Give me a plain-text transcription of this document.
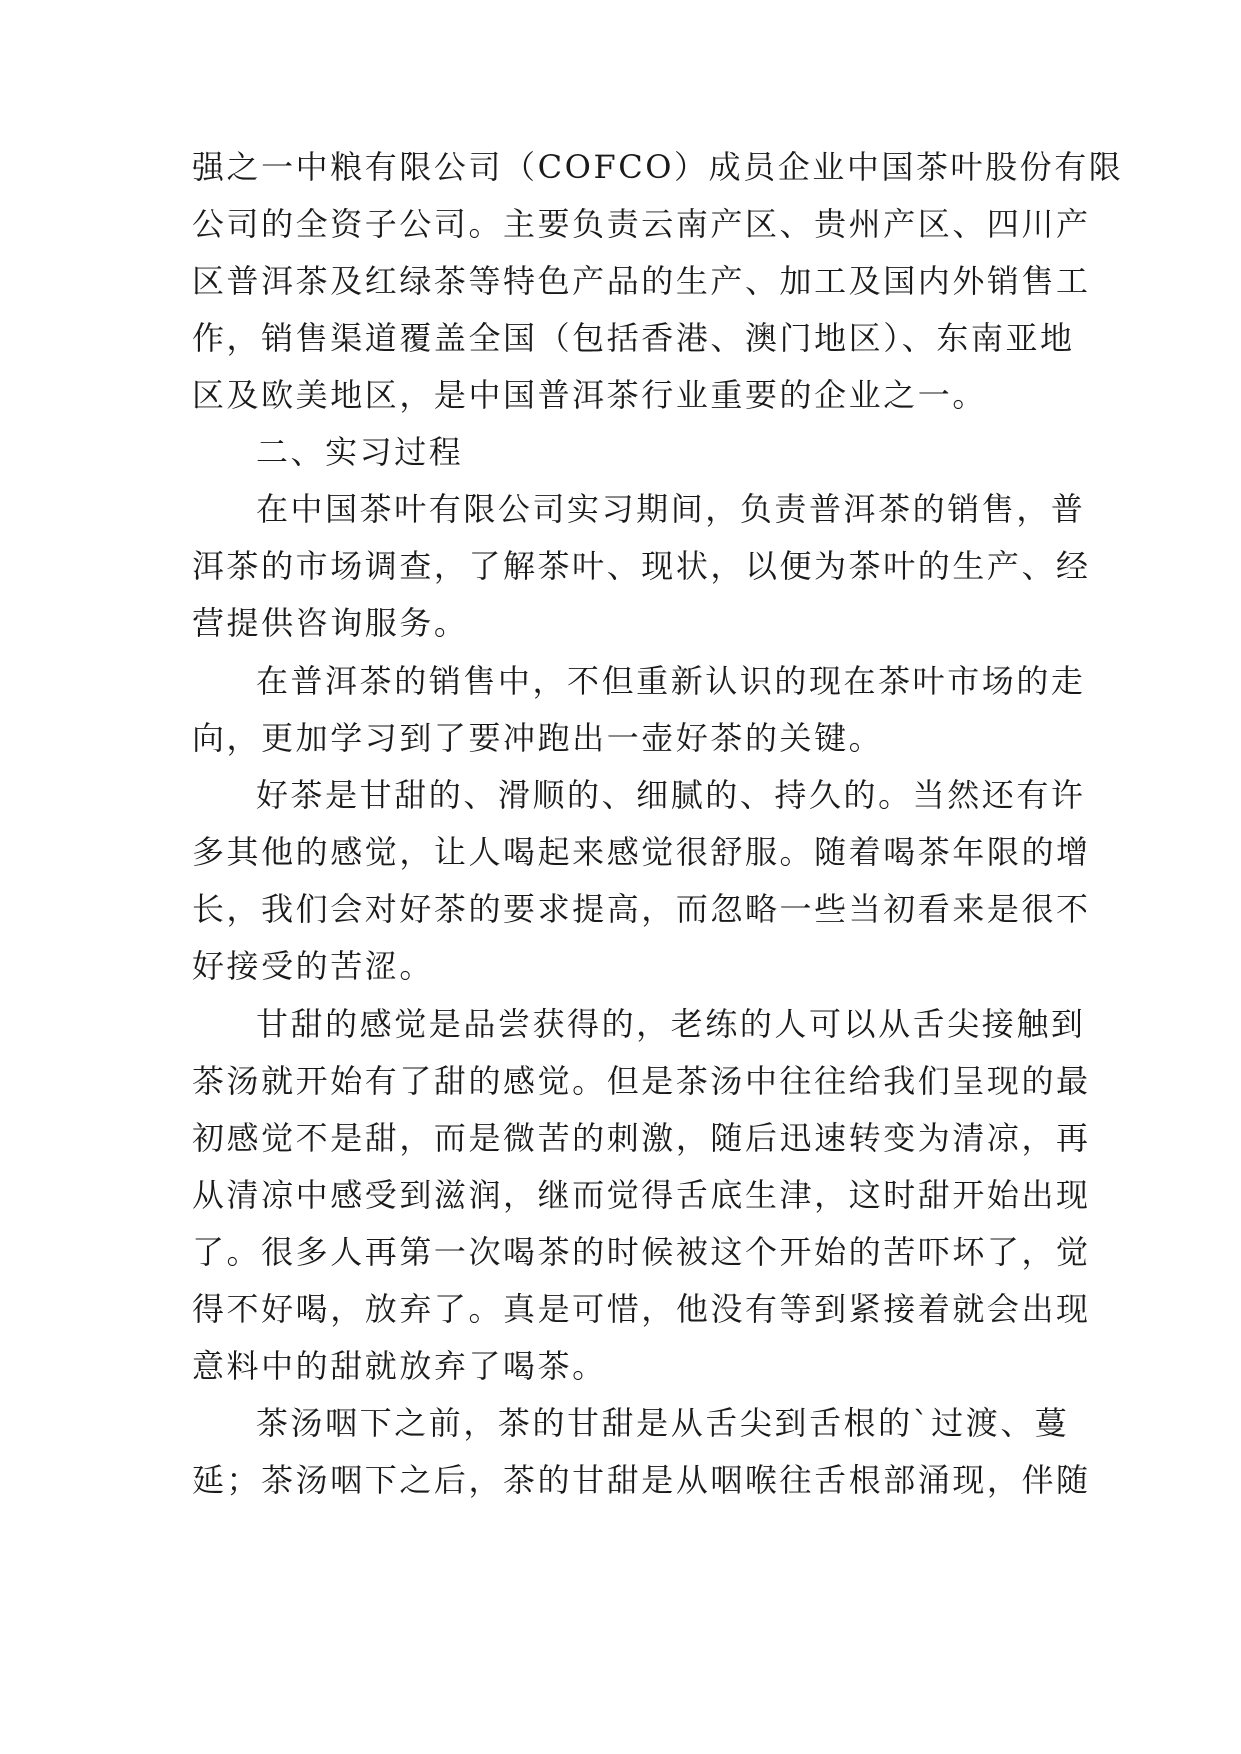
强之一中粮有限公司（COFCO）成员企业中国茶叶股份有限
公司的全资子公司。主要负责云南产区、贵州产区、四川产
区普洱茶及红绿茶等特色产品的生产、加工及国内外销售工
作，销售渠道覆盖全国（包括香港、澳门地区）、东南亚地
区及欧美地区，是中国普洱茶行业重要的企业之一。
二、实习过程
在中国茶叶有限公司实习期间，负责普洱茶的销售，普
洱茶的市场调查，了解茶叶、现状，以便为茶叶的生产、经
营提供咨询服务。
在普洱茶的销售中，不但重新认识的现在茶叶市场的走
向，更加学习到了要冲跑出一壶好茶的关键。
好茶是甘甜的、滑顺的、细腻的、持久的。当然还有许
多其他的感觉，让人喝起来感觉很舒服。随着喝茶年限的增
长，我们会对好茶的要求提高，而忽略一些当初看来是很不
好接受的苦涩。
甘甜的感觉是品尝获得的，老练的人可以从舌尖接触到
茶汤就开始有了甜的感觉。但是茶汤中往往给我们呈现的最
初感觉不是甜，而是微苦的刺激，随后迅速转变为清凉，再
从清凉中感受到滋润，继而觉得舌底生津，这时甜开始出现
了。很多人再第一次喝茶的时候被这个开始的苦吓坏了，觉
得不好喝，放弃了。真是可惜，他没有等到紧接着就会出现
意料中的甜就放弃了喝茶。
茶汤咽下之前，茶的甘甜是从舌尖到舌根的`过渡、蔓
延；茶汤咽下之后，茶的甘甜是从咽喉往舌根部涌现，伴随
